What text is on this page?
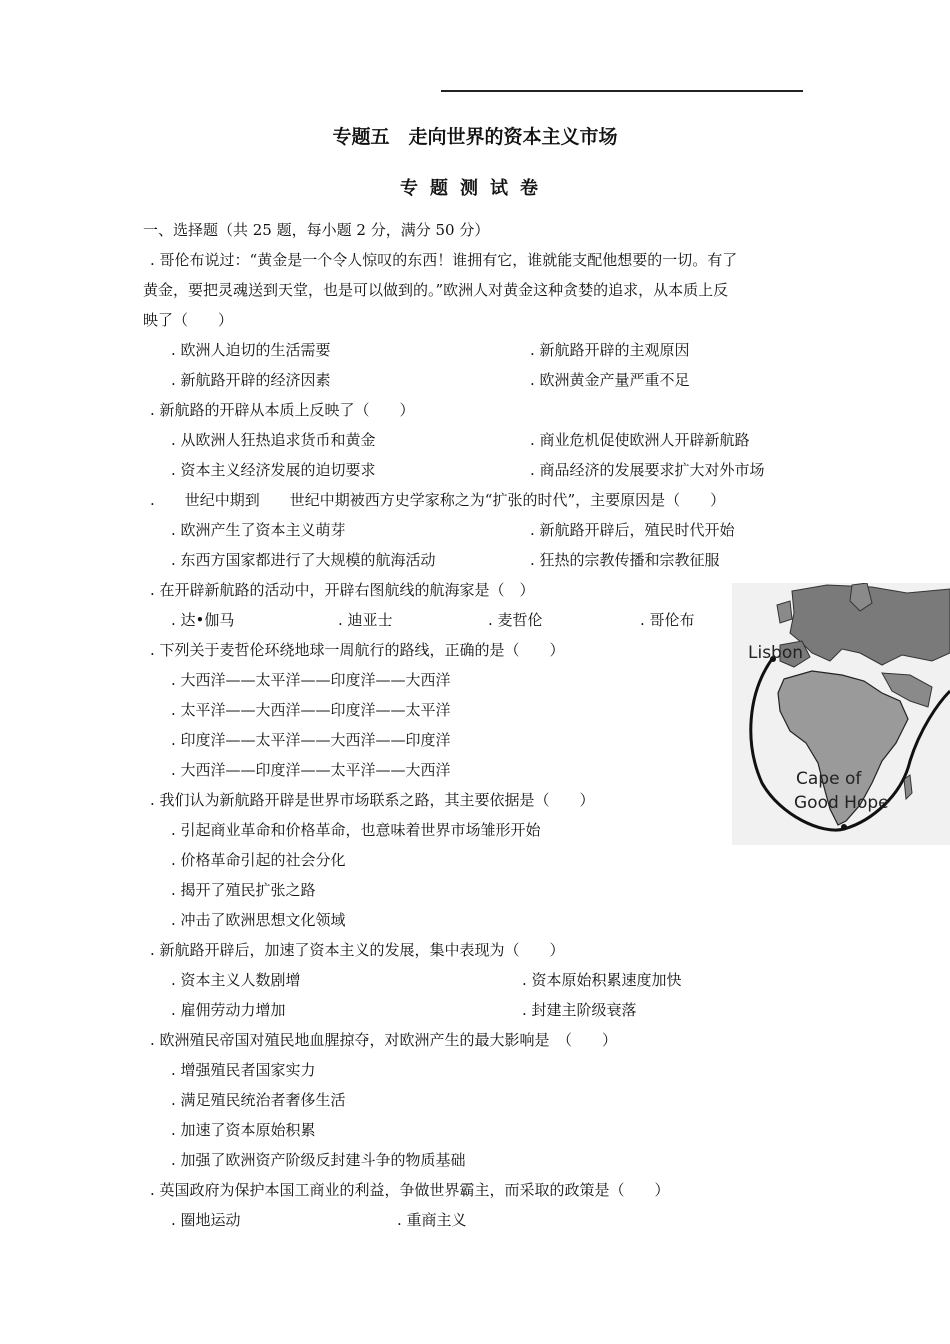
专题五　走向世界的资本主义市场
专题测试卷
一、选择题（共 25 题，每小题 2 分，满分 50 分）
. 哥伦布说过：“黄金是一个令人惊叹的东西！谁拥有它，谁就能支配他想要的一切。有了
黄金，要把灵魂送到天堂，也是可以做到的。”欧洲人对黄金这种贪婪的追求，从本质上反
映了（　　）
. 欧洲人迫切的生活需要	. 新航路开辟的主观原因
. 新航路开辟的经济因素	. 欧洲黄金产量严重不足
. 新航路的开辟从本质上反映了（　　）
. 从欧洲人狂热追求货币和黄金	. 商业危机促使欧洲人开辟新航路
. 资本主义经济发展的迫切要求	. 商品经济的发展要求扩大对外市场
.　　世纪中期到　　世纪中期被西方史学家称之为“扩张的时代”，主要原因是（　　）
. 欧洲产生了资本主义萌芽	. 新航路开辟后，殖民时代开始
. 东西方国家都进行了大规模的航海活动	. 狂热的宗教传播和宗教征服
. 在开辟新航路的活动中，开辟右图航线的航海家是（　）
. 达•伽马	. 迪亚士	. 麦哲伦	. 哥伦布
. 下列关于麦哲伦环绕地球一周航行的路线，正确的是（　　）
. 大西洋——太平洋——印度洋——大西洋
. 太平洋——大西洋——印度洋——太平洋
. 印度洋——太平洋——大西洋——印度洋
. 大西洋——印度洋——太平洋——大西洋
. 我们认为新航路开辟是世界市场联系之路，其主要依据是（　　）
. 引起商业革命和价格革命，也意味着世界市场雏形开始
. 价格革命引起的社会分化
. 揭开了殖民扩张之路
. 冲击了欧洲思想文化领域
. 新航路开辟后，加速了资本主义的发展，集中表现为（　　）
. 资本主义人数剧增	. 资本原始积累速度加快
. 雇佣劳动力增加	. 封建主阶级衰落
. 欧洲殖民帝国对殖民地血腥掠夺，对欧洲产生的最大影响是　（　　）
. 增强殖民者国家实力
. 满足殖民统治者奢侈生活
. 加速了资本原始积累
. 加强了欧洲资产阶级反封建斗争的物质基础
. 英国政府为保护本国工商业的利益，争做世界霸主，而采取的政策是（　　）
. 圈地运动	. 重商主义
Lisbon
Cape of
Good Hope
